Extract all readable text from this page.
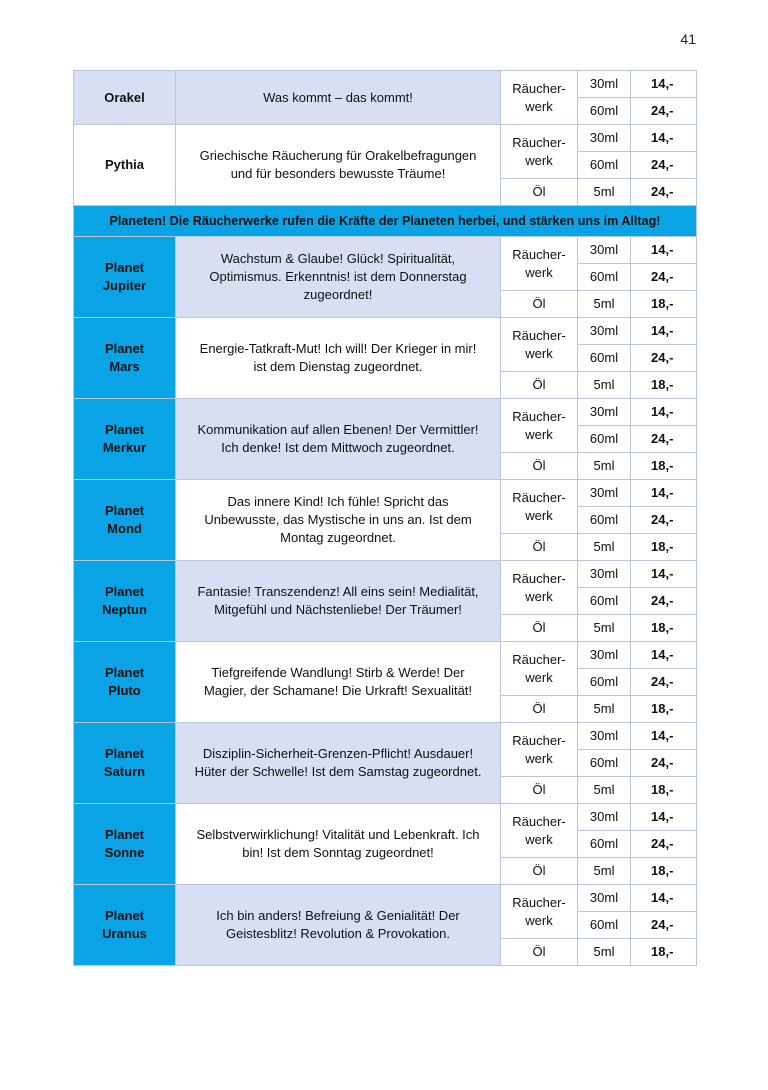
41
Orakel	Was kommt – das kommt!	Räucher-
werk	30ml	14,-
			60ml	24,-
Pythia	Griechische Räucherung für Orakelbefragungen
und für besonders bewusste Träume!	Räucher-
werk	30ml	14,-
			60ml	24,-
		Öl	5ml	24,-
Planeten! Die Räucherwerke rufen die Kräfte der Planeten herbei, und stärken uns im Alltag!				

Planet
Jupiter	Wachstum & Glaube! Glück! Spiritualität,
Optimismus. Erkenntnis! ist dem Donnerstag
zugeordnet!	Räucher-
werk	30ml	14,-
			60ml	24,-
		Öl	5ml	18,-

Planet
Mars	Energie-Tatkraft-Mut! Ich will! Der Krieger in mir!
ist dem Dienstag zugeordnet.	Räucher-
werk	30ml	14,-
			60ml	24,-
		Öl	5ml	18,-

Planet
Merkur	Kommunikation auf allen Ebenen! Der Vermittler!
Ich denke! Ist dem Mittwoch zugeordnet.	Räucher-
werk	30ml	14,-
			60ml	24,-
		Öl	5ml	18,-

Planet
Mond	Das innere Kind! Ich fühle! Spricht das
Unbewusste, das Mystische in uns an. Ist dem
Montag zugeordnet.	Räucher-
werk	30ml	14,-
			60ml	24,-
		Öl	5ml	18,-

Planet
Neptun	Fantasie! Transzendenz! All eins sein! Medialität,
Mitgefühl und Nächstenliebe! Der Träumer!	Räucher-
werk	30ml	14,-
			60ml	24,-
		Öl	5ml	18,-

Planet
Pluto	Tiefgreifende Wandlung! Stirb & Werde! Der
Magier, der Schamane! Die Urkraft! Sexualität!	Räucher-
werk	30ml	14,-
			60ml	24,-
		Öl	5ml	18,-

Planet
Saturn	Disziplin-Sicherheit-Grenzen-Pflicht! Ausdauer!
Hüter der Schwelle! Ist dem Samstag zugeordnet.	Räucher-
werk	30ml	14,-
			60ml	24,-
		Öl	5ml	18,-

Planet
Sonne	Selbstverwirklichung! Vitalität und Lebenkraft. Ich
bin! Ist dem Sonntag zugeordnet!	Räucher-
werk	30ml	14,-
			60ml	24,-
		Öl	5ml	18,-

Planet
Uranus	Ich bin anders! Befreiung & Genialität! Der
Geistesblitz! Revolution & Provokation.	Räucher-
werk	30ml	14,-
			60ml	24,-
		Öl	5ml	18,-
